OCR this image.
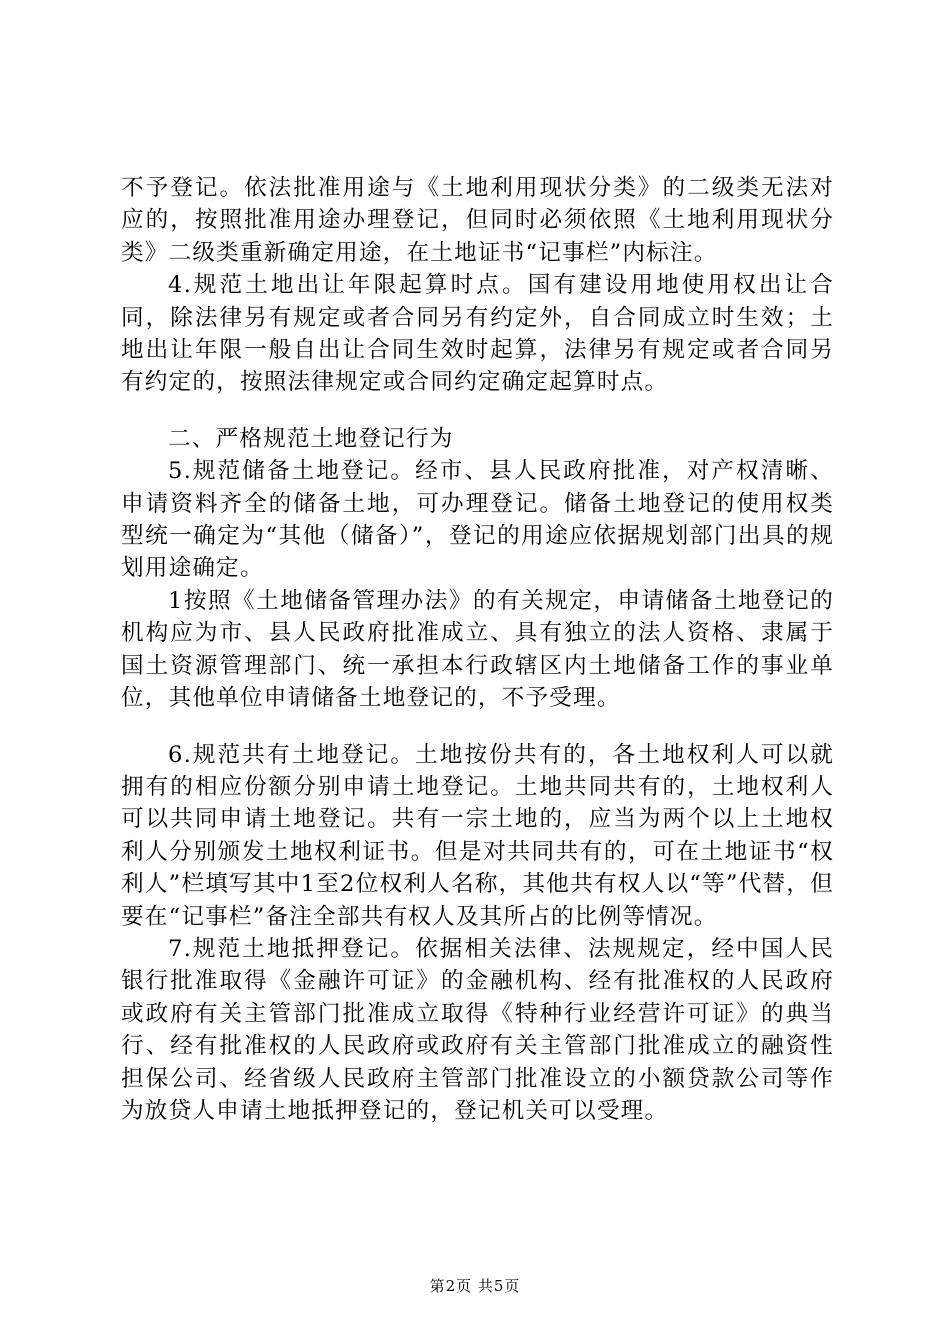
不予登记。依法批准用途与《土地利用现状分类》的二级类无法对应的，按照批准用途办理登记，但同时必须依照《土地利用现状分类》二级类重新确定用途，在土地证书“记事栏”内标注。

4.规范土地出让年限起算时点。国有建设用地使用权出让合同，除法律另有规定或者合同另有约定外，自合同成立时生效；土地出让年限一般自出让合同生效时起算，法律另有规定或者合同另有约定的，按照法律规定或合同约定确定起算时点。

二、严格规范土地登记行为

5.规范储备土地登记。经市、县人民政府批准，对产权清晰、申请资料齐全的储备土地，可办理登记。储备土地登记的使用权类型统一确定为“其他（储备）”，登记的用途应依据规划部门出具的规划用途确定。

1按照《土地储备管理办法》的有关规定，申请储备土地登记的机构应为市、县人民政府批准成立、具有独立的法人资格、隶属于国土资源管理部门、统一承担本行政辖区内土地储备工作的事业单位，其他单位申请储备土地登记的，不予受理。

6.规范共有土地登记。土地按份共有的，各土地权利人可以就拥有的相应份额分别申请土地登记。土地共同共有的，土地权利人可以共同申请土地登记。共有一宗土地的，应当为两个以上土地权利人分别颁发土地权利证书。但是对共同共有的，可在土地证书“权利人”栏填写其中1至2位权利人名称，其他共有权人以“等”代替，但要在“记事栏”备注全部共有权人及其所占的比例等情况。

7.规范土地抵押登记。依据相关法律、法规规定，经中国人民银行批准取得《金融许可证》的金融机构、经有批准权的人民政府或政府有关主管部门批准成立取得《特种行业经营许可证》的典当行、经有批准权的人民政府或政府有关主管部门批准成立的融资性担保公司、经省级人民政府主管部门批准设立的小额贷款公司等作为放贷人申请土地抵押登记的，登记机关可以受理。

第2页 共5页
